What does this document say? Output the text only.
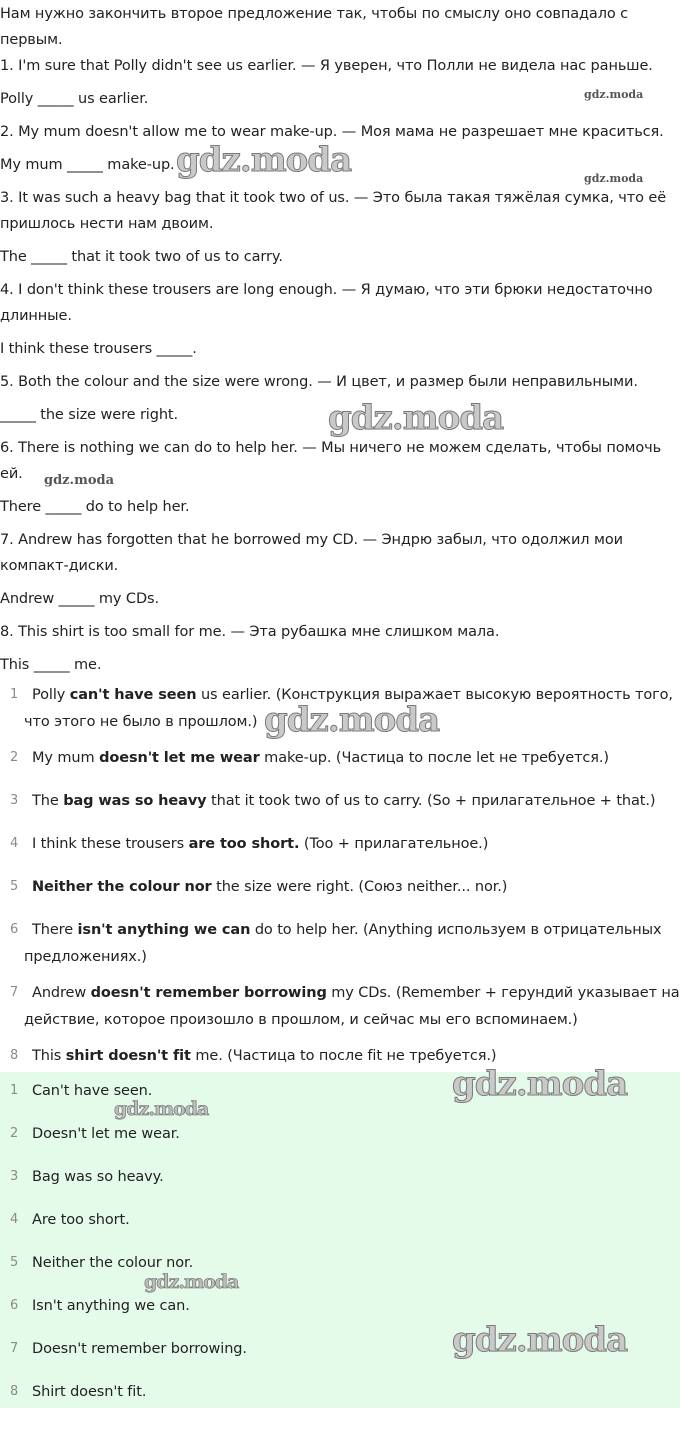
Нам нужно закончить второе предложение так, чтобы по смыслу оно совпадало с
первым.
1. I'm sure that Polly didn't see us earlier. — Я уверен, что Полли не видела нас раньше.
Polly _____ us earlier.
2. My mum doesn't allow me to wear make-up. — Моя мама не разрешает мне краситься.
My mum _____ make-up.
3. It was such a heavy bag that it took two of us. — Это была такая тяжёлая сумка, что её
пришлось нести нам двоим.
The _____ that it took two of us to carry.
4. I don't think these trousers are long enough. — Я думаю, что эти брюки недостаточно
длинные.
I think these trousers _____.
5. Both the colour and the size were wrong. — И цвет, и размер были неправильными.
_____ the size were right.
6. There is nothing we can do to help her. — Мы ничего не можем сделать, чтобы помочь
ей.
There _____ do to help her.
7. Andrew has forgotten that he borrowed my CD. — Эндрю забыл, что одолжил мои
компакт-диски.
Andrew _____ my CDs.
8. This shirt is too small for me. — Эта рубашка мне слишком мала.
This _____ me.
1 Polly can't have seen us earlier. (Конструкция выражает высокую вероятность того,
что этого не было в прошлом.)
2 My mum doesn't let me wear make-up. (Частица to после let не требуется.)
3 The bag was so heavy that it took two of us to carry. (So + прилагательное + that.)
4 I think these trousers are too short. (Too + прилагательное.)
5 Neither the colour nor the size were right. (Союз neither... nor.)
6 There isn't anything we can do to help her. (Anything используем в отрицательных
предложениях.)
7 Andrew doesn't remember borrowing my CDs. (Remember + герундий указывает на
действие, которое произошло в прошлом, и сейчас мы его вспоминаем.)
8 This shirt doesn't fit me. (Частица to после fit не требуется.)
1 Can't have seen.
2 Doesn't let me wear.
3 Bag was so heavy.
4 Are too short.
5 Neither the colour nor.
6 Isn't anything we can.
7 Doesn't remember borrowing.
8 Shirt doesn't fit.
gdz.moda
gdz.moda	gdz.moda
gdz.moda
gdz.moda
gdz.moda
gdz.moda
gdz.moda
gdz.moda
gdz.moda
